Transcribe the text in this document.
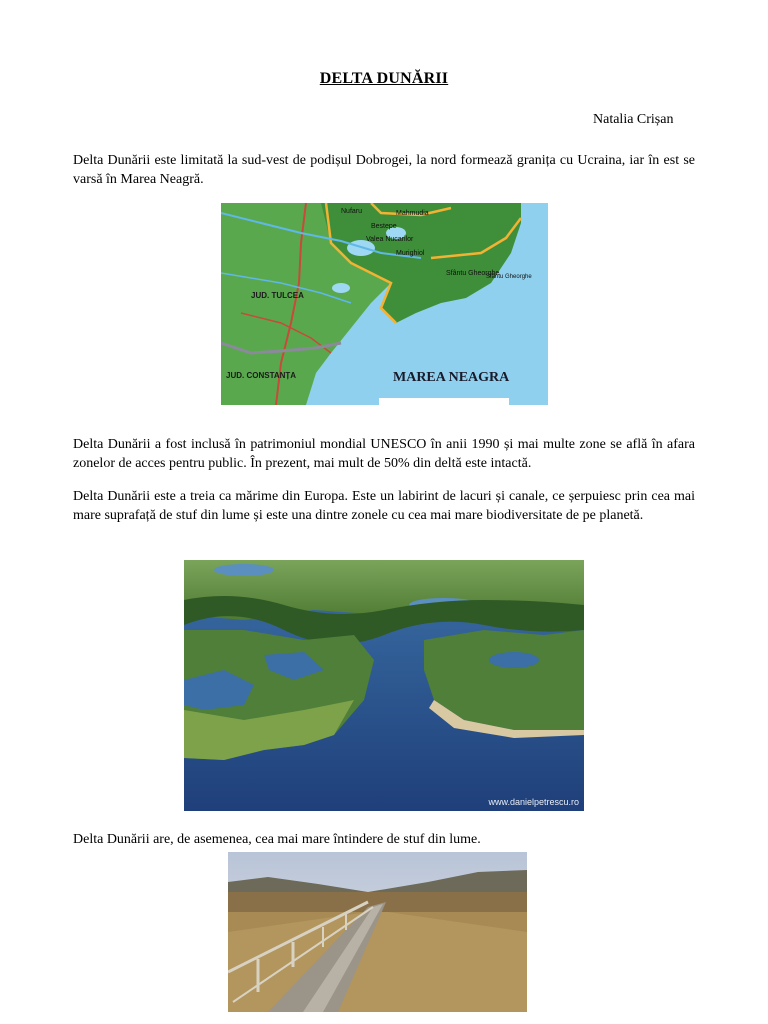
DELTA DUNĂRII
Natalia Crișan
Delta Dunării este limitată la sud-vest de podișul Dobrogei, la nord formează granița cu Ucraina, iar în est se varsă în Marea Neagră.
Nufaru	Mahmudia
Bestepe
Valea Nucarilor
Murighiol
Sfântu Gheorghe
Sfântu Gheorghe
JUD. TULCEA
JUD. CONSTANȚA	MAREA NEAGRA
Delta Dunării a fost inclusă în patrimoniul mondial UNESCO în anii 1990 și mai multe zone se află în afara zonelor de acces pentru public. În prezent, mai mult de 50% din deltă este intactă.
Delta Dunării este a treia ca mărime din Europa. Este un labirint de lacuri și canale, ce șerpuiesc prin cea mai mare suprafață de stuf din lume și este una dintre zonele cu cea mai mare biodiversitate de pe planetă.
www.danielpetrescu.ro
Delta Dunării are, de asemenea, cea mai mare întindere de stuf din lume.
